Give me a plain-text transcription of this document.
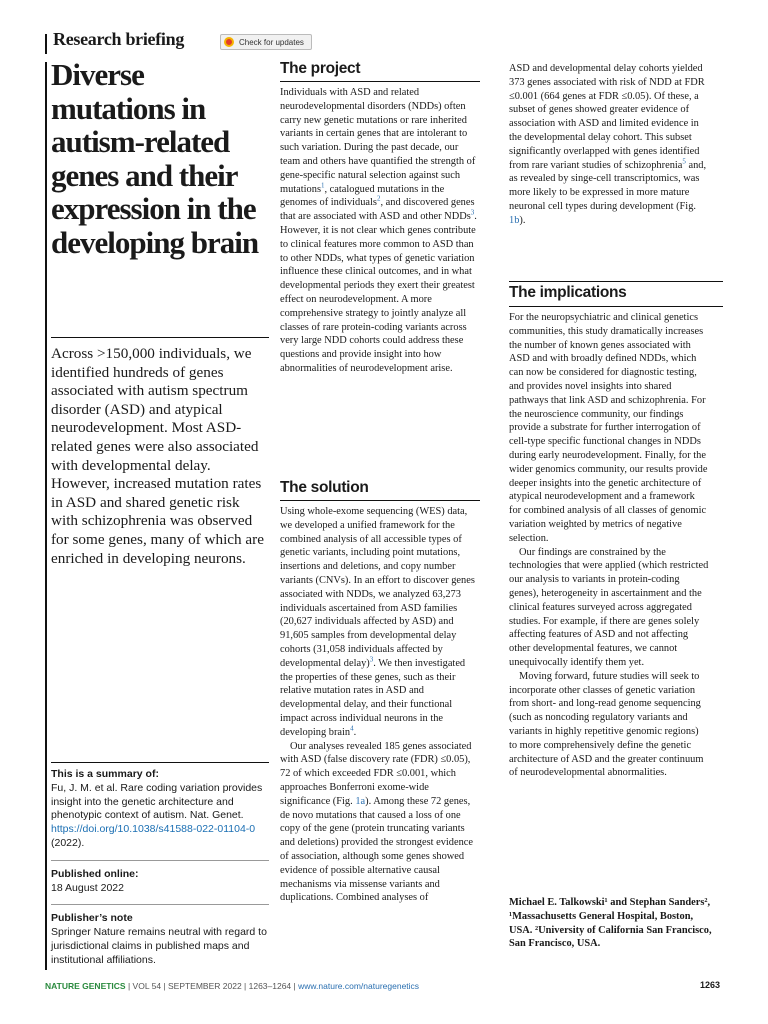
Research briefing	Check for updates
Diverse mutations in autism-related genes and their expression in the developing brain
Across >150,000 individuals, we identified hundreds of genes associated with autism spectrum disorder (ASD) and atypical neurodevelopment. Most ASD-related genes were also associated with developmental delay. However, increased mutation rates in ASD and shared genetic risk with schizophrenia was observed for some genes, many of which are enriched in developing neurons.
This is a summary of:
Fu, J. M. et al. Rare coding variation provides insight into the genetic architecture and phenotypic context of autism. Nat. Genet. https://doi.org/10.1038/s41588-022-01104-0 (2022).
Published online:
18 August 2022
Publisher’s note
Springer Nature remains neutral with regard to jurisdictional claims in published maps and institutional affiliations.
The project

Individuals with ASD and related neurodevelopmental disorders (NDDs) often carry new genetic mutations or rare inherited variants in certain genes that are intolerant to such variation. During the past decade, our team and others have quantified the strength of gene-specific natural selection against such mutations$^1$, catalogued mutations in the genomes of individuals$^2$, and discovered genes that are associated with ASD and other NDDs$^3$. However, it is not clear which genes contribute to clinical features more common to ASD than to other NDDs, what types of genetic variation influence these clinical outcomes, and in what developmental periods they exert their greatest effect on neurodevelopment. A more comprehensive strategy to jointly analyze all classes of rare protein-coding variants across very large NDD cohorts could address these questions and provide insight into how abnormalities of neurodevelopment arise.

The solution

Using whole-exome sequencing (WES) data, we developed a unified framework for the combined analysis of all accessible types of genetic variants, including point mutations, insertions and deletions, and copy number variants (CNVs). In an effort to discover genes associated with NDDs, we analyzed 63,273 individuals ascertained from ASD families (20,627 individuals affected by ASD) and 91,605 samples from developmental delay cohorts (31,058 individuals affected by developmental delay)$^3$. We then investigated the properties of these genes, such as their relative mutation rates in ASD and developmental delay, and their functional impact across individual neurons in the developing brain$^4$.

Our analyses revealed 185 genes associated with ASD (false discovery rate (FDR) ≤0.05), 72 of which exceeded FDR ≤0.001, which approaches Bonferroni exome-wide significance (Fig. 1a). Among these 72 genes, de novo mutations that caused a loss of one copy of the gene (protein truncating variants and deletions) provided the strongest evidence of association, although some genes showed evidence of possible alternative causal mechanisms via missense variants and duplications. Combined analyses of

ASD and developmental delay cohorts yielded 373 genes associated with risk of NDD at FDR ≤0.001 (664 genes at FDR ≤0.05). Of these, a subset of genes showed greater evidence of association with ASD and limited evidence in the developmental delay cohort. This subset significantly overlapped with genes identified from rare variant studies of schizophrenia$^5$ and, as revealed by singe-cell transcriptomics, was more likely to be expressed in more mature neuronal cell types during development (Fig. 1b).

The implications

For the neuropsychiatric and clinical genetics communities, this study dramatically increases the number of known genes associated with ASD and with broadly defined NDDs, which can now be considered for diagnostic testing, and provides novel insights into shared pathways that link ASD and schizophrenia. For the neuroscience community, our findings provide a substrate for further interrogation of cell-type specific functional changes in NDDs during early neurodevelopment. Finally, for the wider genomics community, our results provide deeper insights into the genetic architecture of atypical neurodevelopment and a framework for combined analysis of all classes of genomic variation weighted by metrics of negative selection.

Our findings are constrained by the technologies that were applied (which restricted our analysis to variants in protein-coding genes), heterogeneity in ascertainment and the clinical features surveyed across aggregated studies. For example, if there are genes solely affecting features of ASD and not affecting other developmental features, we cannot unequivocally identify them yet.

Moving forward, future studies will seek to incorporate other classes of genetic variation from short- and long-read genome sequencing (such as noncoding regulatory variants and variants in highly repetitive genomic regions) to more comprehensively define the genetic architecture of ASD and the greater continuum of neurodevelopmental abnormalities.

Michael E. Talkowski¹ and Stephan Sanders², ¹Massachusetts General Hospital, Boston, USA. ²University of California San Francisco, San Francisco, USA.
NATURE GENETICS | VOL 54 | SEPTEMBER 2022 | 1263–1264 | www.nature.com/naturegenetics	1263
